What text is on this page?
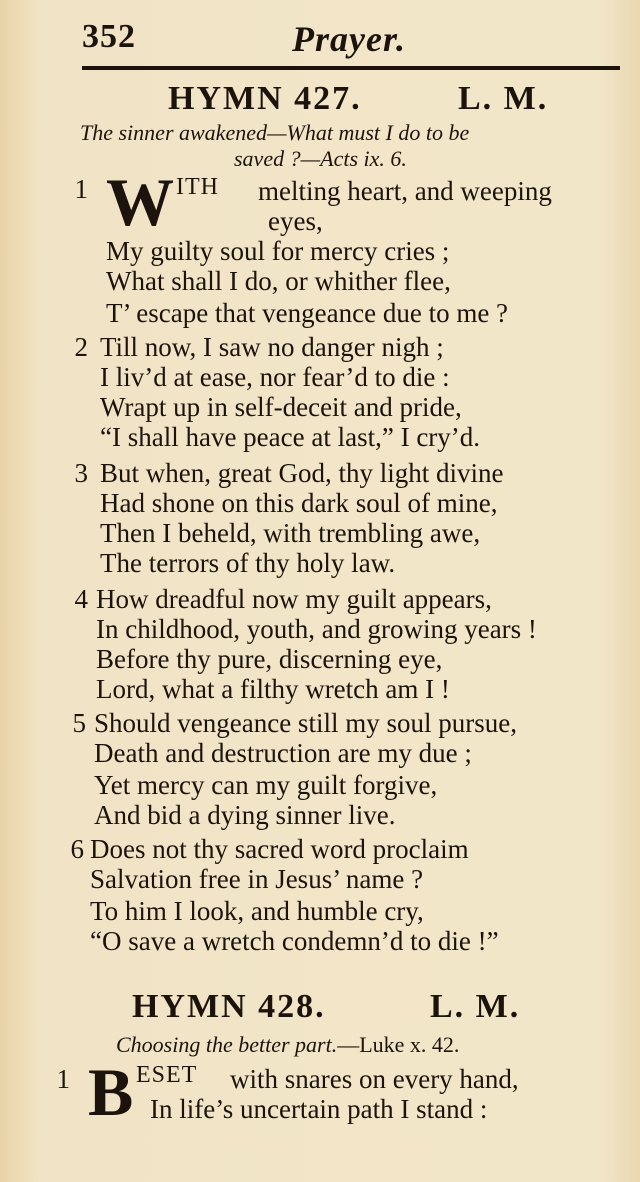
352	Prayer.
HYMN 427.	L. M.
The sinner awakened—What must I do to be
saved ?—Acts ix. 6.
1 W ITH melting heart, and weeping
eyes,
My guilty soul for mercy cries ;
What shall I do, or whither flee,
T’ escape that vengeance due to me ?
2 Till now, I saw no danger nigh ;
I liv’d at ease, nor fear’d to die :
Wrapt up in self-deceit and pride,
“I shall have peace at last,” I cry’d.
3 But when, great God, thy light divine
Had shone on this dark soul of mine,
Then I beheld, with trembling awe,
The terrors of thy holy law.
4 How dreadful now my guilt appears,
In childhood, youth, and growing years !
Before thy pure, discerning eye,
Lord, what a filthy wretch am I !
5 Should vengeance still my soul pursue,
Death and destruction are my due ;
Yet mercy can my guilt forgive,
And bid a dying sinner live.
6 Does not thy sacred word proclaim
Salvation free in Jesus’ name ?
To him I look, and humble cry,
“O save a wretch condemn’d to die !”
HYMN 428.	L. M.
Choosing the better part.—Luke x. 42.
1 B ESET with snares on every hand,
In life’s uncertain path I stand :
